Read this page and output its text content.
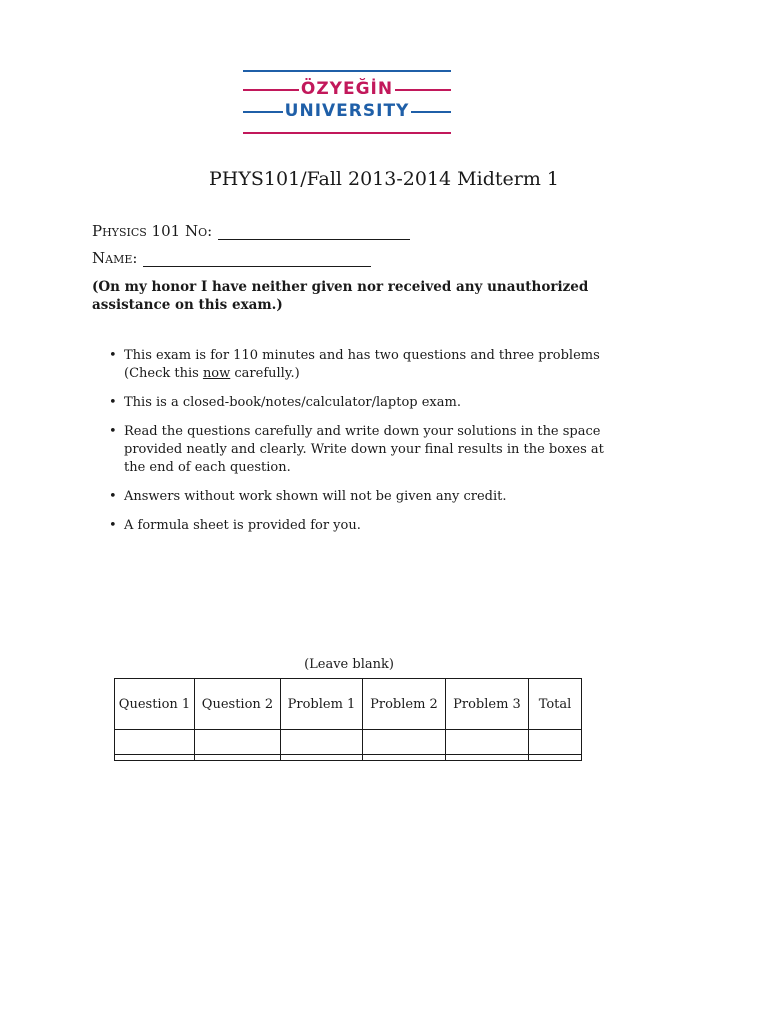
ÖZYEĞİN
UNIVERSITY
PHYS101/Fall 2013-2014 Midterm 1
Physics 101 No:
Name:
(On my honor I have neither given nor received any unauthorized assistance on this exam.)
• This exam is for 110 minutes and has two questions and three problems (Check this now carefully.)
• This is a closed-book/notes/calculator/laptop exam.
• Read the questions carefully and write down your solutions in the space provided neatly and clearly. Write down your final results in the boxes at the end of each question.
• Answers without work shown will not be given any credit.
• A formula sheet is provided for you.
(Leave blank)
Question 1	Question 2	Problem 1	Problem 2	Problem 3	Total
